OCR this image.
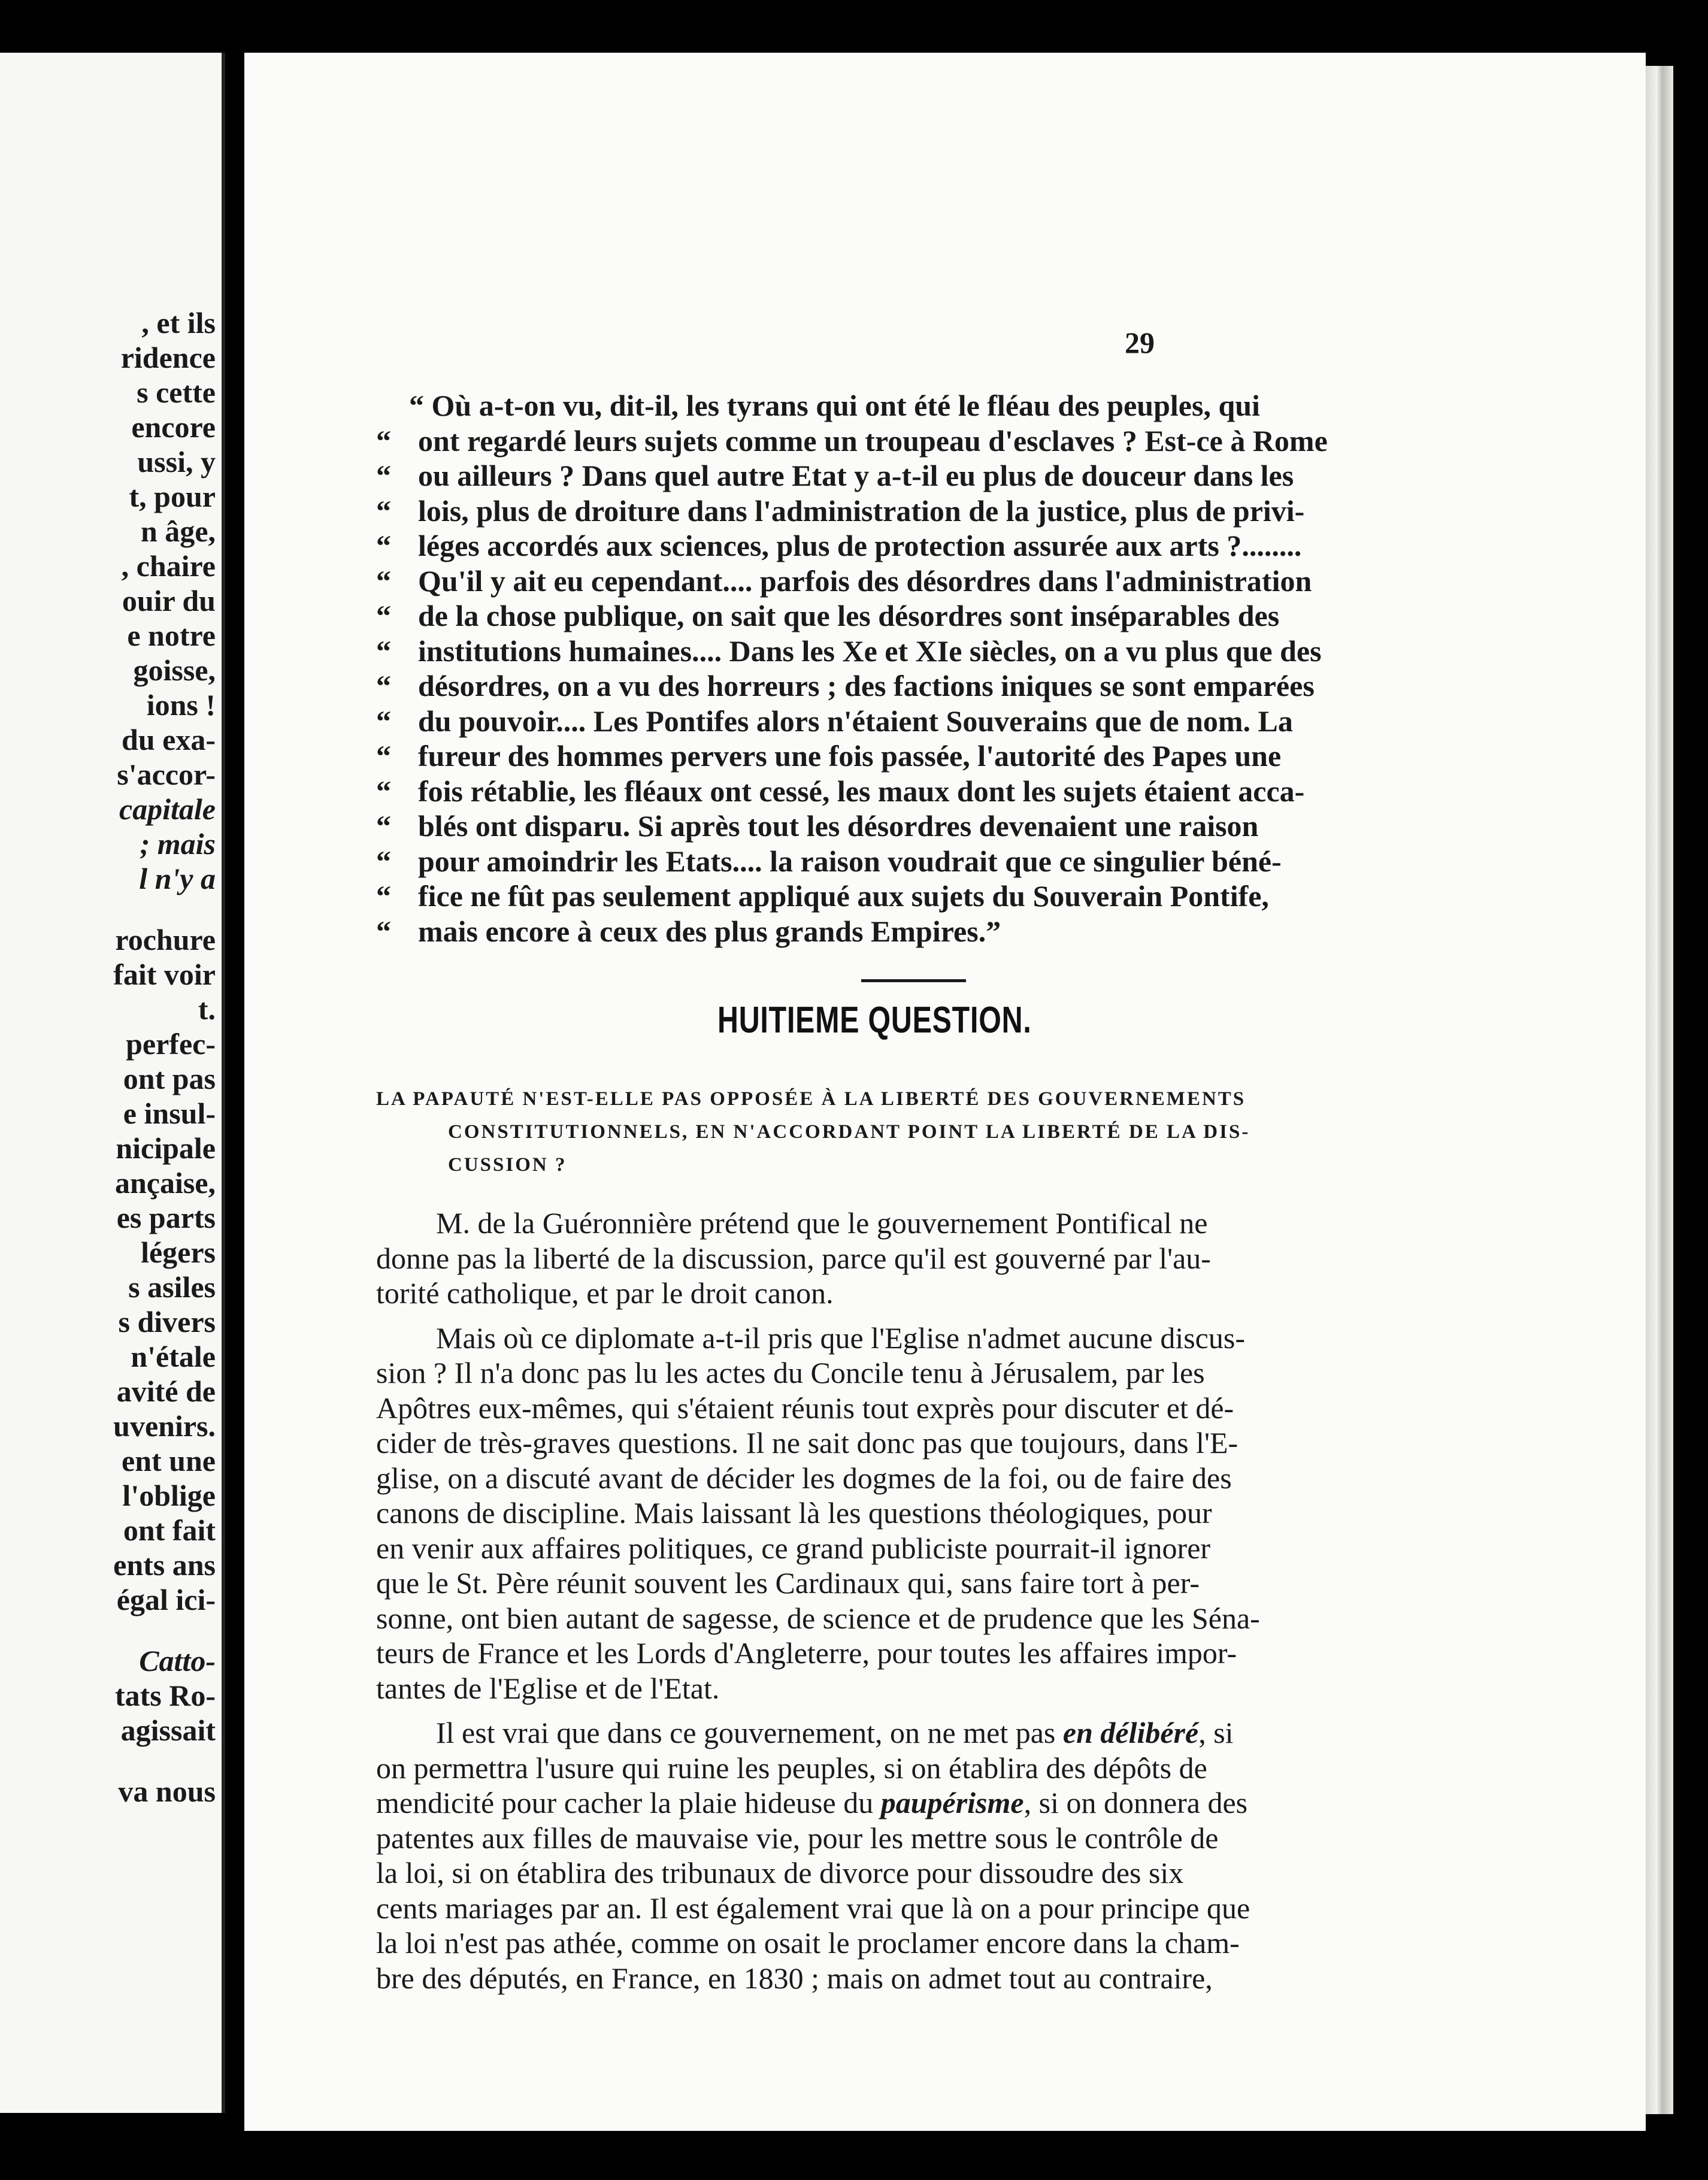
, et ils
ridence
s cette
encore
ussi, y
t, pour
n âge,
, chaire
ouir du
e notre
goisse,
ions !
du exa-
s'accor-
capitale
; mais
l n'y a
rochure
fait voir
t.
perfec-
ont pas
e insul-
nicipale
ançaise,
es parts
légers
s asiles
s divers
n'étale
avité de
uvenirs.
ent une
l'oblige
ont fait
ents ans
égal ici-
Catto-
tats Ro-
agissait
va nous
29
“ Où a-t-on vu, dit-il, les tyrans qui ont été le fléau des peuples, qui
“ ont regardé leurs sujets comme un troupeau d'esclaves ? Est-ce à Rome
“ ou ailleurs ? Dans quel autre Etat y a-t-il eu plus de douceur dans les
“ lois, plus de droiture dans l'administration de la justice, plus de privi-
“ léges accordés aux sciences, plus de protection assurée aux arts ?........
“ Qu'il y ait eu cependant.... parfois des désordres dans l'administration
“ de la chose publique, on sait que les désordres sont inséparables des
“ institutions humaines.... Dans les Xe et XIe siècles, on a vu plus que des
“ désordres, on a vu des horreurs ; des factions iniques se sont emparées
“ du pouvoir.... Les Pontifes alors n'étaient Souverains que de nom. La
“ fureur des hommes pervers une fois passée, l'autorité des Papes une
“ fois rétablie, les fléaux ont cessé, les maux dont les sujets étaient acca-
“ blés ont disparu. Si après tout les désordres devenaient une raison
“ pour amoindrir les Etats.... la raison voudrait que ce singulier béné-
“ fice ne fût pas seulement appliqué aux sujets du Souverain Pontife,
“ mais encore à ceux des plus grands Empires.”
HUITIEME QUESTION.
LA PAPAUTÉ N'EST-ELLE PAS OPPOSÉE À LA LIBERTÉ DES GOUVERNEMENTS
CONSTITUTIONNELS, EN N'ACCORDANT POINT LA LIBERTÉ DE LA DIS-
CUSSION ?
M. de la Guéronnière prétend que le gouvernement Pontifical ne
donne pas la liberté de la discussion, parce qu'il est gouverné par l'au-
torité catholique, et par le droit canon.
Mais où ce diplomate a-t-il pris que l'Eglise n'admet aucune discus-
sion ? Il n'a donc pas lu les actes du Concile tenu à Jérusalem, par les
Apôtres eux-mêmes, qui s'étaient réunis tout exprès pour discuter et dé-
cider de très-graves questions. Il ne sait donc pas que toujours, dans l'E-
glise, on a discuté avant de décider les dogmes de la foi, ou de faire des
canons de discipline. Mais laissant là les questions théologiques, pour
en venir aux affaires politiques, ce grand publiciste pourrait-il ignorer
que le St. Père réunit souvent les Cardinaux qui, sans faire tort à per-
sonne, ont bien autant de sagesse, de science et de prudence que les Séna-
teurs de France et les Lords d'Angleterre, pour toutes les affaires impor-
tantes de l'Eglise et de l'Etat.
Il est vrai que dans ce gouvernement, on ne met pas en délibéré, si
on permettra l'usure qui ruine les peuples, si on établira des dépôts de
mendicité pour cacher la plaie hideuse du paupérisme, si on donnera des
patentes aux filles de mauvaise vie, pour les mettre sous le contrôle de
la loi, si on établira des tribunaux de divorce pour dissoudre des six
cents mariages par an. Il est également vrai que là on a pour principe que
la loi n'est pas athée, comme on osait le proclamer encore dans la cham-
bre des députés, en France, en 1830 ; mais on admet tout au contraire,
